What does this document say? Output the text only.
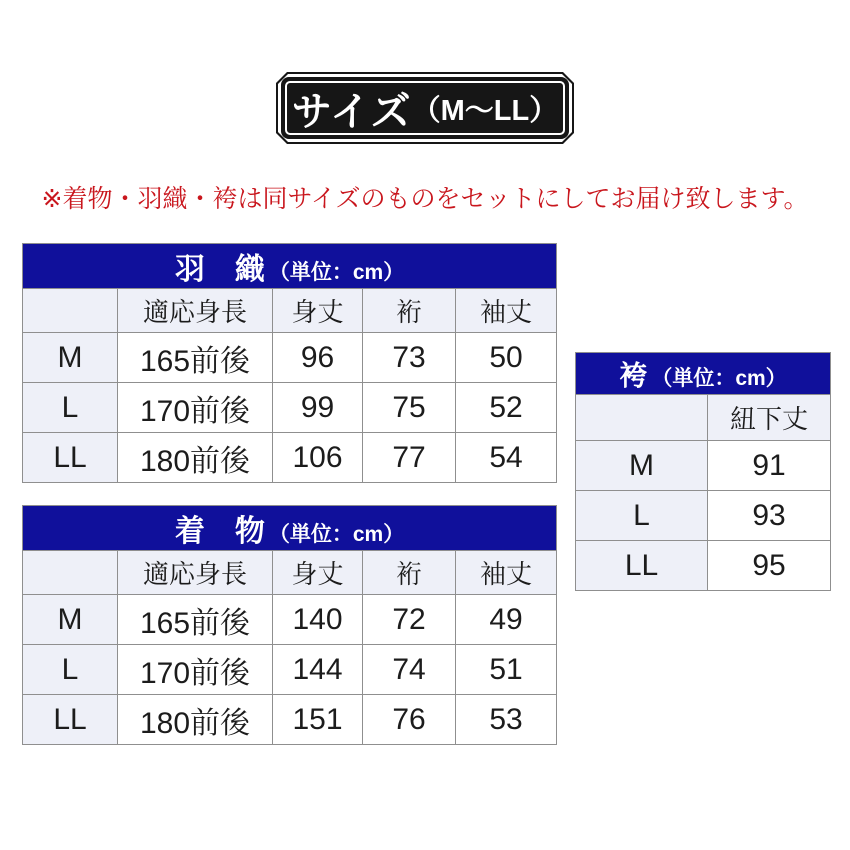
サイズ （M〜LL）

※着物・羽織・袴は同サイズのものをセットにしてお届け致します。

羽　織 （単位：cm）				
	適応身長	身丈	裄	袖丈
M	165前後	96	73	50
L	170前後	99	75	52
LL	180前後	106	77	54
袴 （単位：cm）	
	紐下丈
M	91
L	93
LL	95
着　物 （単位：cm）				
	適応身長	身丈	裄	袖丈
M	165前後	140	72	49
L	170前後	144	74	51
LL	180前後	151	76	53
